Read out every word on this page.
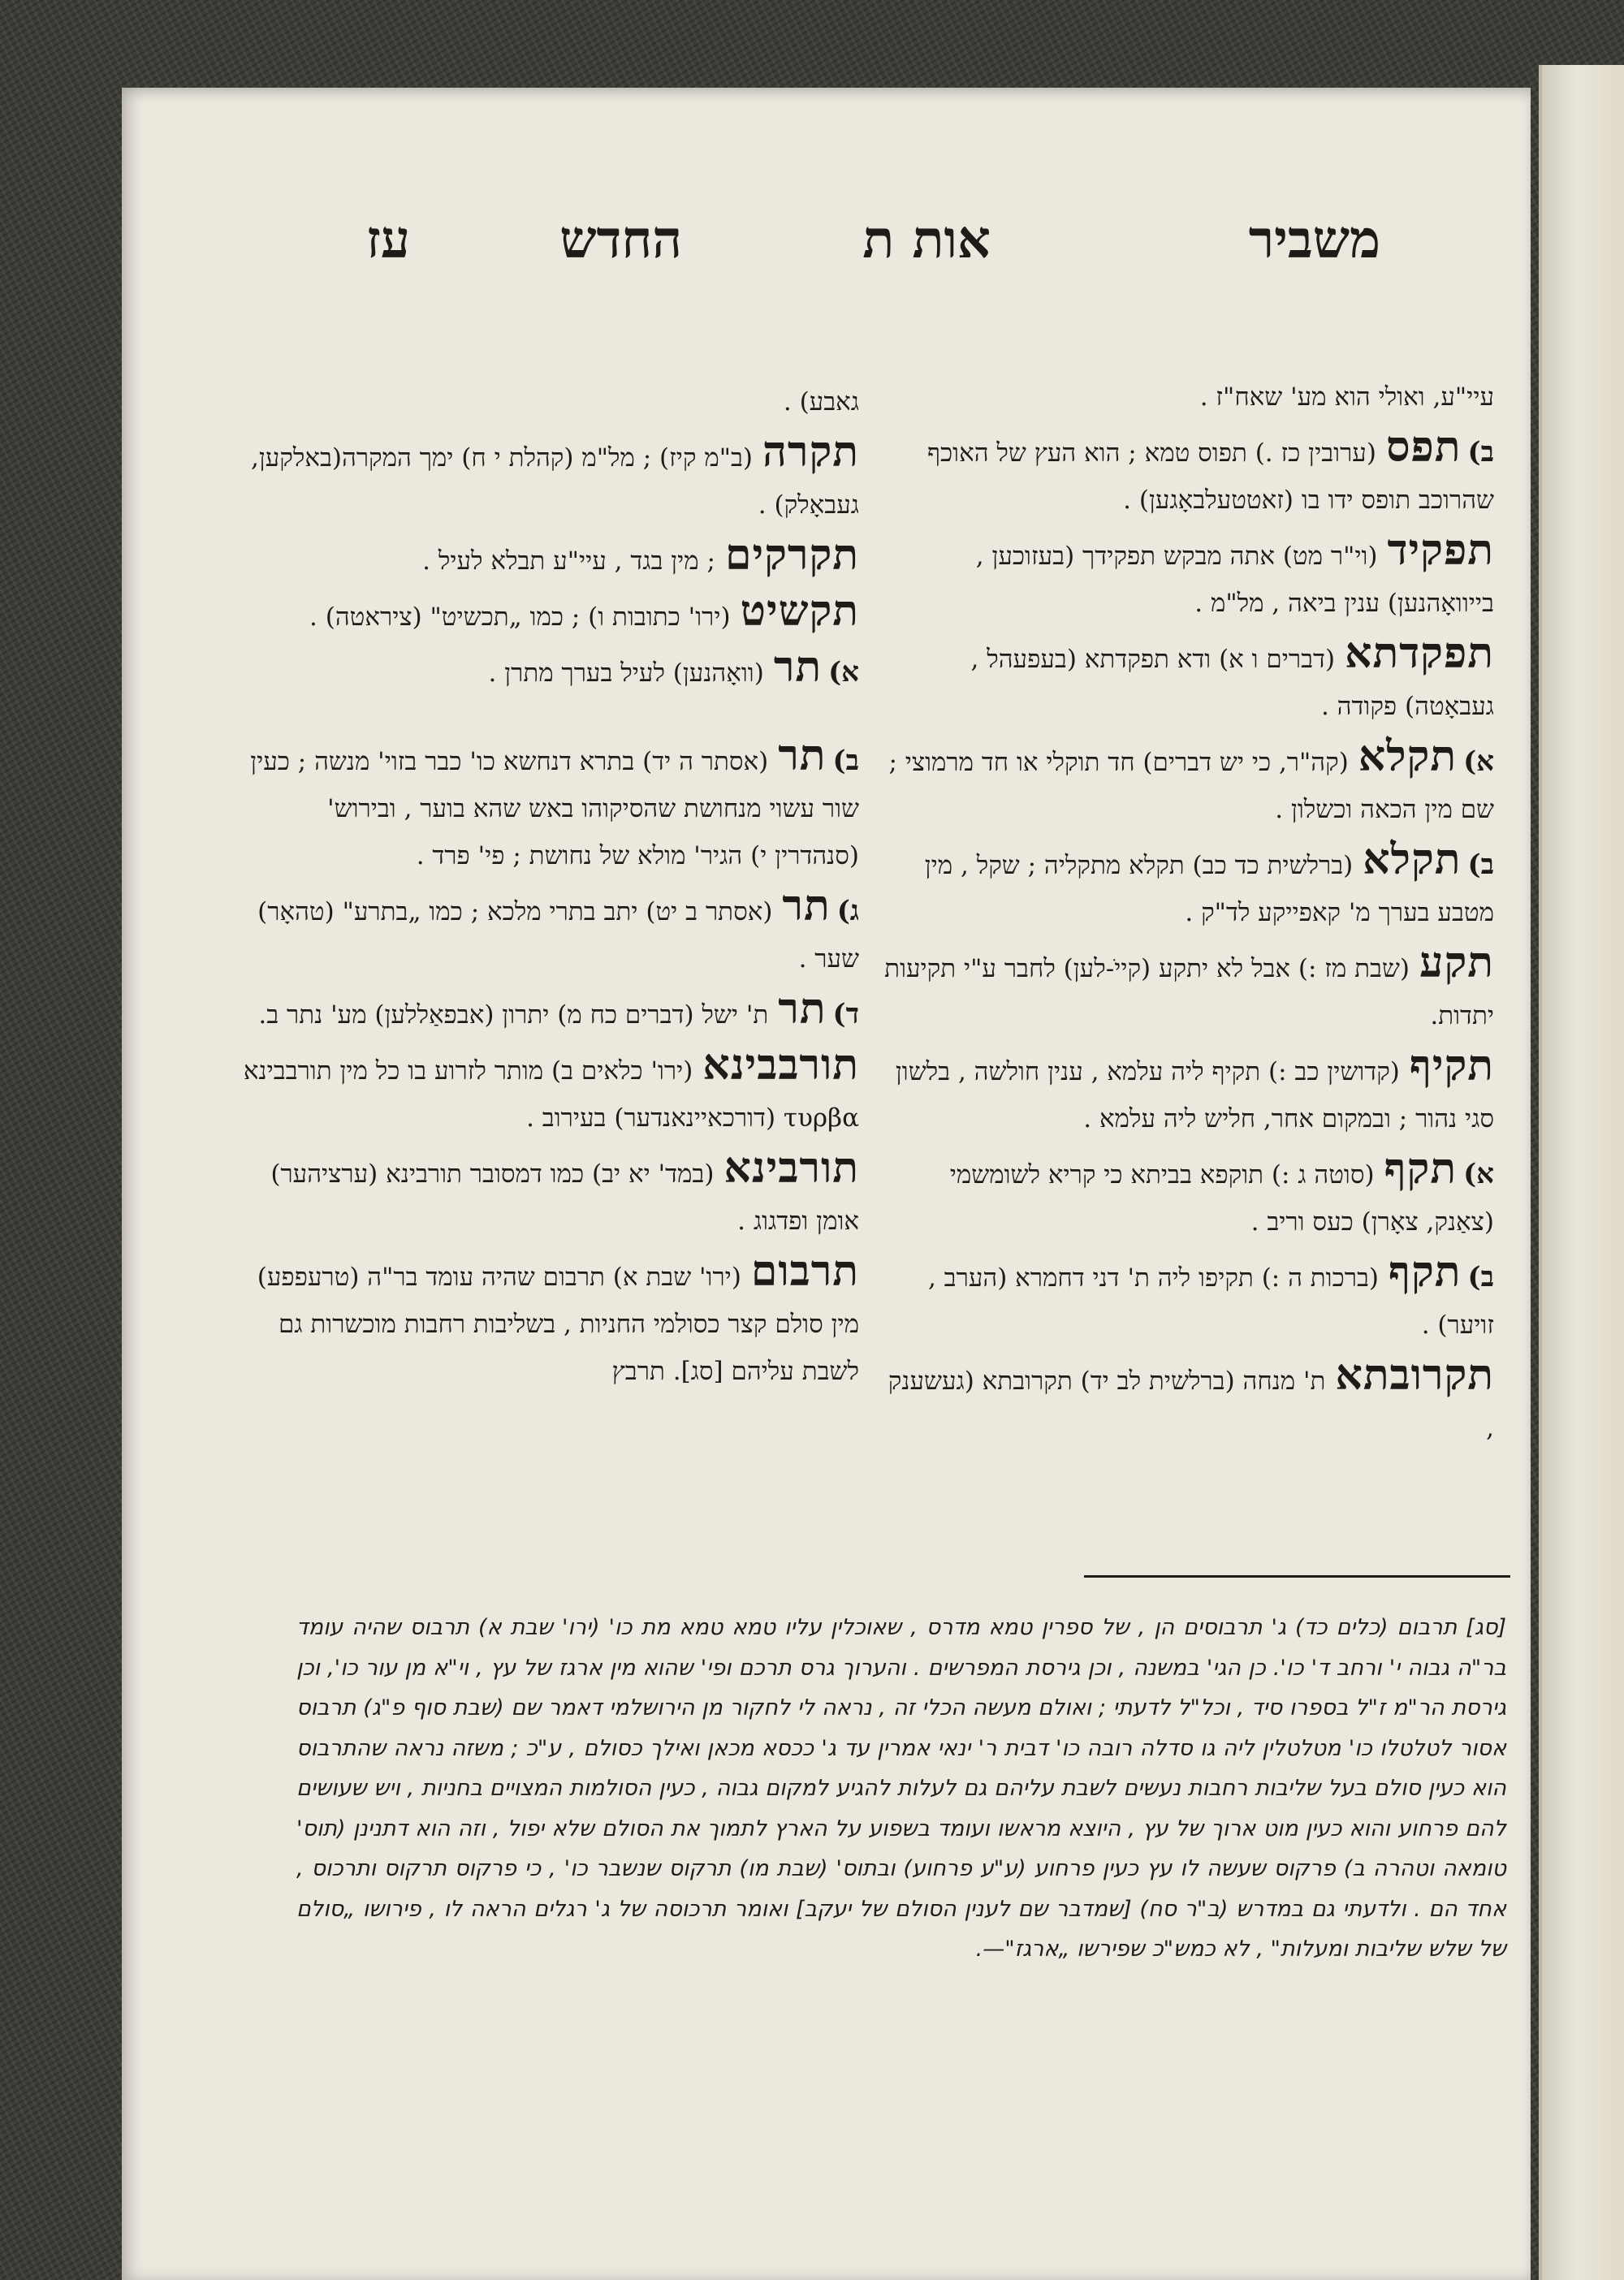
משביר
אות ת
החדש
עז
עיי"ע, ואולי הוא מע' שאח"ז .
ב)תפס(ערובין כז .) תפוס טמא ; הוא העץ של האוכף שהרוכב תופס ידו בו (זאטטעלבאָגען) .
תפקיד(וי"ר מט) אתה מבקש תפקידך (בעזוכען , בייוואָהנען) ענין ביאה , מל"מ .
תפקדתא(דברים ו א) ודא תפקדתא (בעפעהל , געבאָטה) פקודה .
א)תקלא(קה"ר, כי יש דברים) חד תוקלי או חד מרמוצי ; שם מין הכאה וכשלון .
ב)תקלא(ברלשית כד כב) תקלא מתקליה ; שקל , מין מטבע בערך מ' קאפייקע לד"ק .
תקע(שבת מז :) אבל לא יתקע (קייׂ-לען) לחבר ע"י תקיעות יתדות.
תקיף(קדושין כב :) תקיף ליה עלמא , ענין חולשה , בלשון סגי נהור ; ובמקום אחר, חליש ליה עלמא .
א)תקף(סוטה ג :) תוקפא בביתא כי קריא לשומשמי (צאַנק, צאָרן) כעס וריב .
ב)תקף(ברכות ה :) תקיפו ליה ת' דני דחמרא (הערב , זויער) .
תקרובתאת' מנחה (ברלשית לב יד) תקרובתא (געשענק ,
גאבע) .
תקרה(ב"מ קיז) ; מל"מ (קהלת י ח) ימך המקרה(באלקען, געבאָלק) .
תקרקים; מין בגד , עיי"ע תבלא לעיל .
תקשיט(ירו' כתובות ו) ; כמו „תכשיט" (ציראטה) .
א)תר(וואָהנען) לעיל בערך מתרן .
ב)תר(אסתר ה יד) בתרא דנחשא כו' כבר בזוי' מנשה ; כעין שור עשוי מנחושת שהסיקוהו באש שהא בוער , ובירוש' (סנהדרין י) הגיר' מולא של נחושת ; פי' פרד .
ג)תר(אסתר ב יט) יתב בתרי מלכא ; כמו „בתרע" (טהאָר) שער .
ד)תרת' ישל (דברים כח מ) יתרון (אבפאַללען) מע' נתר ב.
תורבבינא(ירו' כלאים ב) מותר לזרוע בו כל מין תורבבינא τυρβα (דורכאיינאנדער) בעירוב .
תורבינא(במד' יא יב) כמו דמסובר תורבינא (ערציהער) אומן ופדגוג .
תרבום(ירו' שבת א) תרבום שהיה עומד בר"ה (טרעפפע) מין סולם קצר כסולמי החניות , בשליבות רחבות מוכשרות גם לשבת עליהם [סג]. תרבץ
[סג] תרבום (כלים כד) ג' תרבוסים הן , של ספרין טמא מדרס , שאוכלין עליו טמא טמא מת כו' (ירו' שבת א) תרבוס שהיה עומד בר"ה גבוה י' ורחב ד' כו'. כן הגי' במשנה , וכן גירסת המפרשים . והערוך גרס תרכם ופי' שהוא מין ארגז של עץ , וי"א מן עור כו', וכן גירסת הר"מ ז"ל בספרו סיד , וכל"ל לדעתי ; ואולם מעשה הכלי זה , נראה לי לחקור מן הירושלמי דאמר שם (שבת סוף פ"ג) תרבוס אסור לטלטלו כו' מטלטלין ליה גו סדלה רובה כו' דבית ר' ינאי אמרין עד ג' ככסא מכאן ואילך כסולם , ע"כ ; משזה נראה שהתרבוס הוא כעין סולם בעל שליבות רחבות נעשים לשבת עליהם גם לעלות להגיע למקום גבוה , כעין הסולמות המצויים בחניות , ויש שעושים להם פרחוע והוא כעין מוט ארוך של עץ , היוצא מראשו ועומד בשפוע על הארץ לתמוך את הסולם שלא יפול , וזה הוא דתנינן (תוס' טומאה וטהרה ב) פרקוס שעשה לו עץ כעין פרחוע (ע"ע פרחוע) ובתוס' (שבת מו) תרקוס שנשבר כו' , כי פרקוס תרקוס ותרכוס , אחד הם . ולדעתי גם במדרש (ב"ר סח) [שמדבר שם לענין הסולם של יעקב] ואומר תרכוסה של ג' רגלים הראה לו , פירושו „סולם של שלש שליבות ומעלות" , לא כמש"כ שפירשו „ארגז"—.
